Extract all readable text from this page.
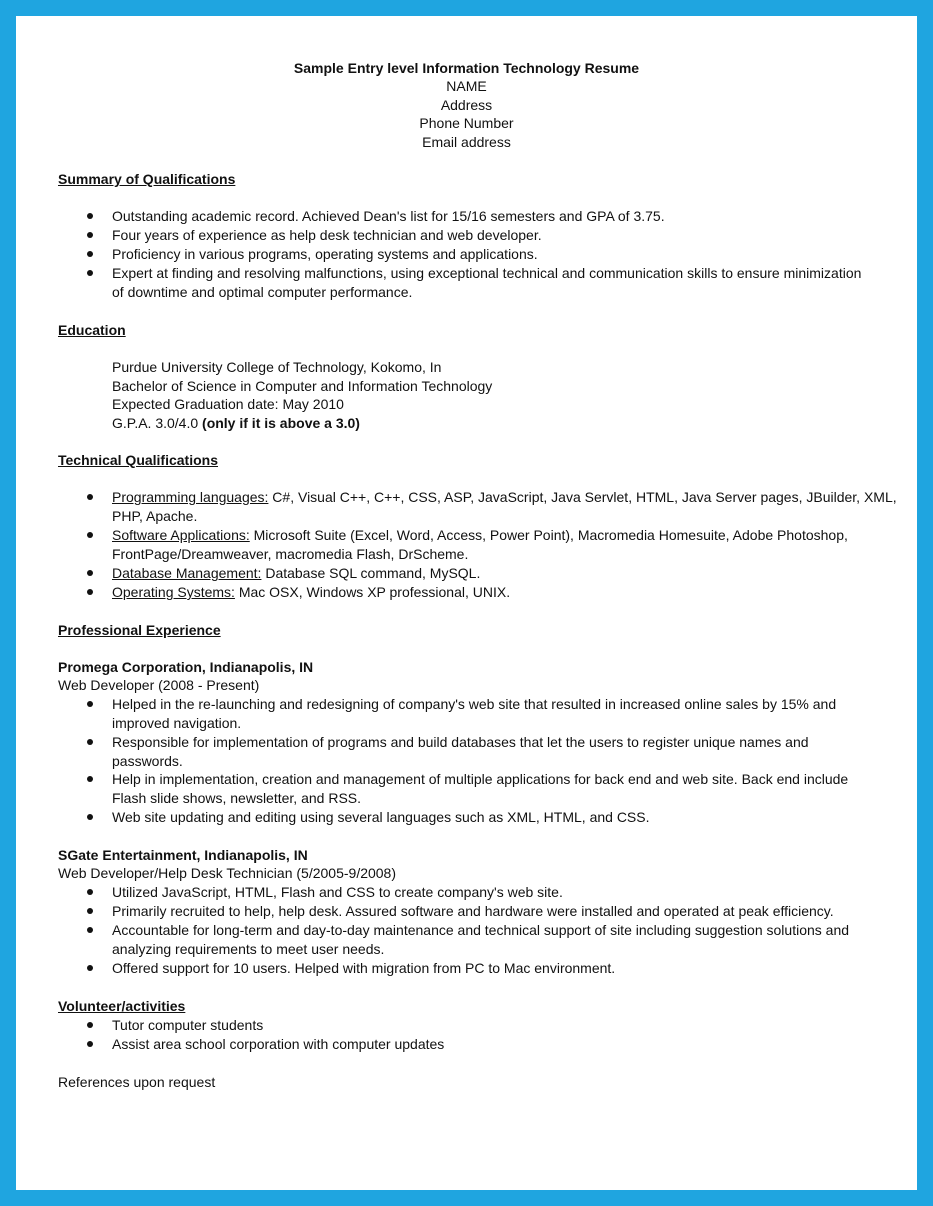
Sample Entry level Information Technology Resume
NAME
Address
Phone Number
Email address
Summary of Qualifications
Outstanding academic record. Achieved Dean's list for 15/16 semesters and GPA of 3.75.
Four years of experience as help desk technician and web developer.
Proficiency in various programs, operating systems and applications.
Expert at finding and resolving malfunctions, using exceptional technical and communication skills to ensure minimization
of downtime and optimal computer performance.
Education
Purdue University College of Technology, Kokomo, In
Bachelor of Science in Computer and Information Technology
Expected Graduation date: May 2010
G.P.A. 3.0/4.0 (only if it is above a 3.0)
Technical Qualifications
Programming languages: C#, Visual C++, C++, CSS, ASP, JavaScript, Java Servlet, HTML, Java Server pages, JBuilder, XML,
PHP, Apache.
Software Applications: Microsoft Suite (Excel, Word, Access, Power Point), Macromedia Homesuite, Adobe Photoshop,
FrontPage/Dreamweaver, macromedia Flash, DrScheme.
Database Management: Database SQL command, MySQL.
Operating Systems: Mac OSX, Windows XP professional, UNIX.
Professional Experience
Promega Corporation, Indianapolis, IN
Web Developer (2008 - Present)
Helped in the re-launching and redesigning of company's web site that resulted in increased online sales by 15% and
improved navigation.
Responsible for implementation of programs and build databases that let the users to register unique names and
passwords.
Help in implementation, creation and management of multiple applications for back end and web site. Back end include
Flash slide shows, newsletter, and RSS.
Web site updating and editing using several languages such as XML, HTML, and CSS.
SGate Entertainment, Indianapolis, IN
Web Developer/Help Desk Technician (5/2005-9/2008)
Utilized JavaScript, HTML, Flash and CSS to create company's web site.
Primarily recruited to help, help desk. Assured software and hardware were installed and operated at peak efficiency.
Accountable for long-term and day-to-day maintenance and technical support of site including suggestion solutions and
analyzing requirements to meet user needs.
Offered support for 10 users. Helped with migration from PC to Mac environment.
Volunteer/activities
Tutor computer students
Assist area school corporation with computer updates
References upon request
